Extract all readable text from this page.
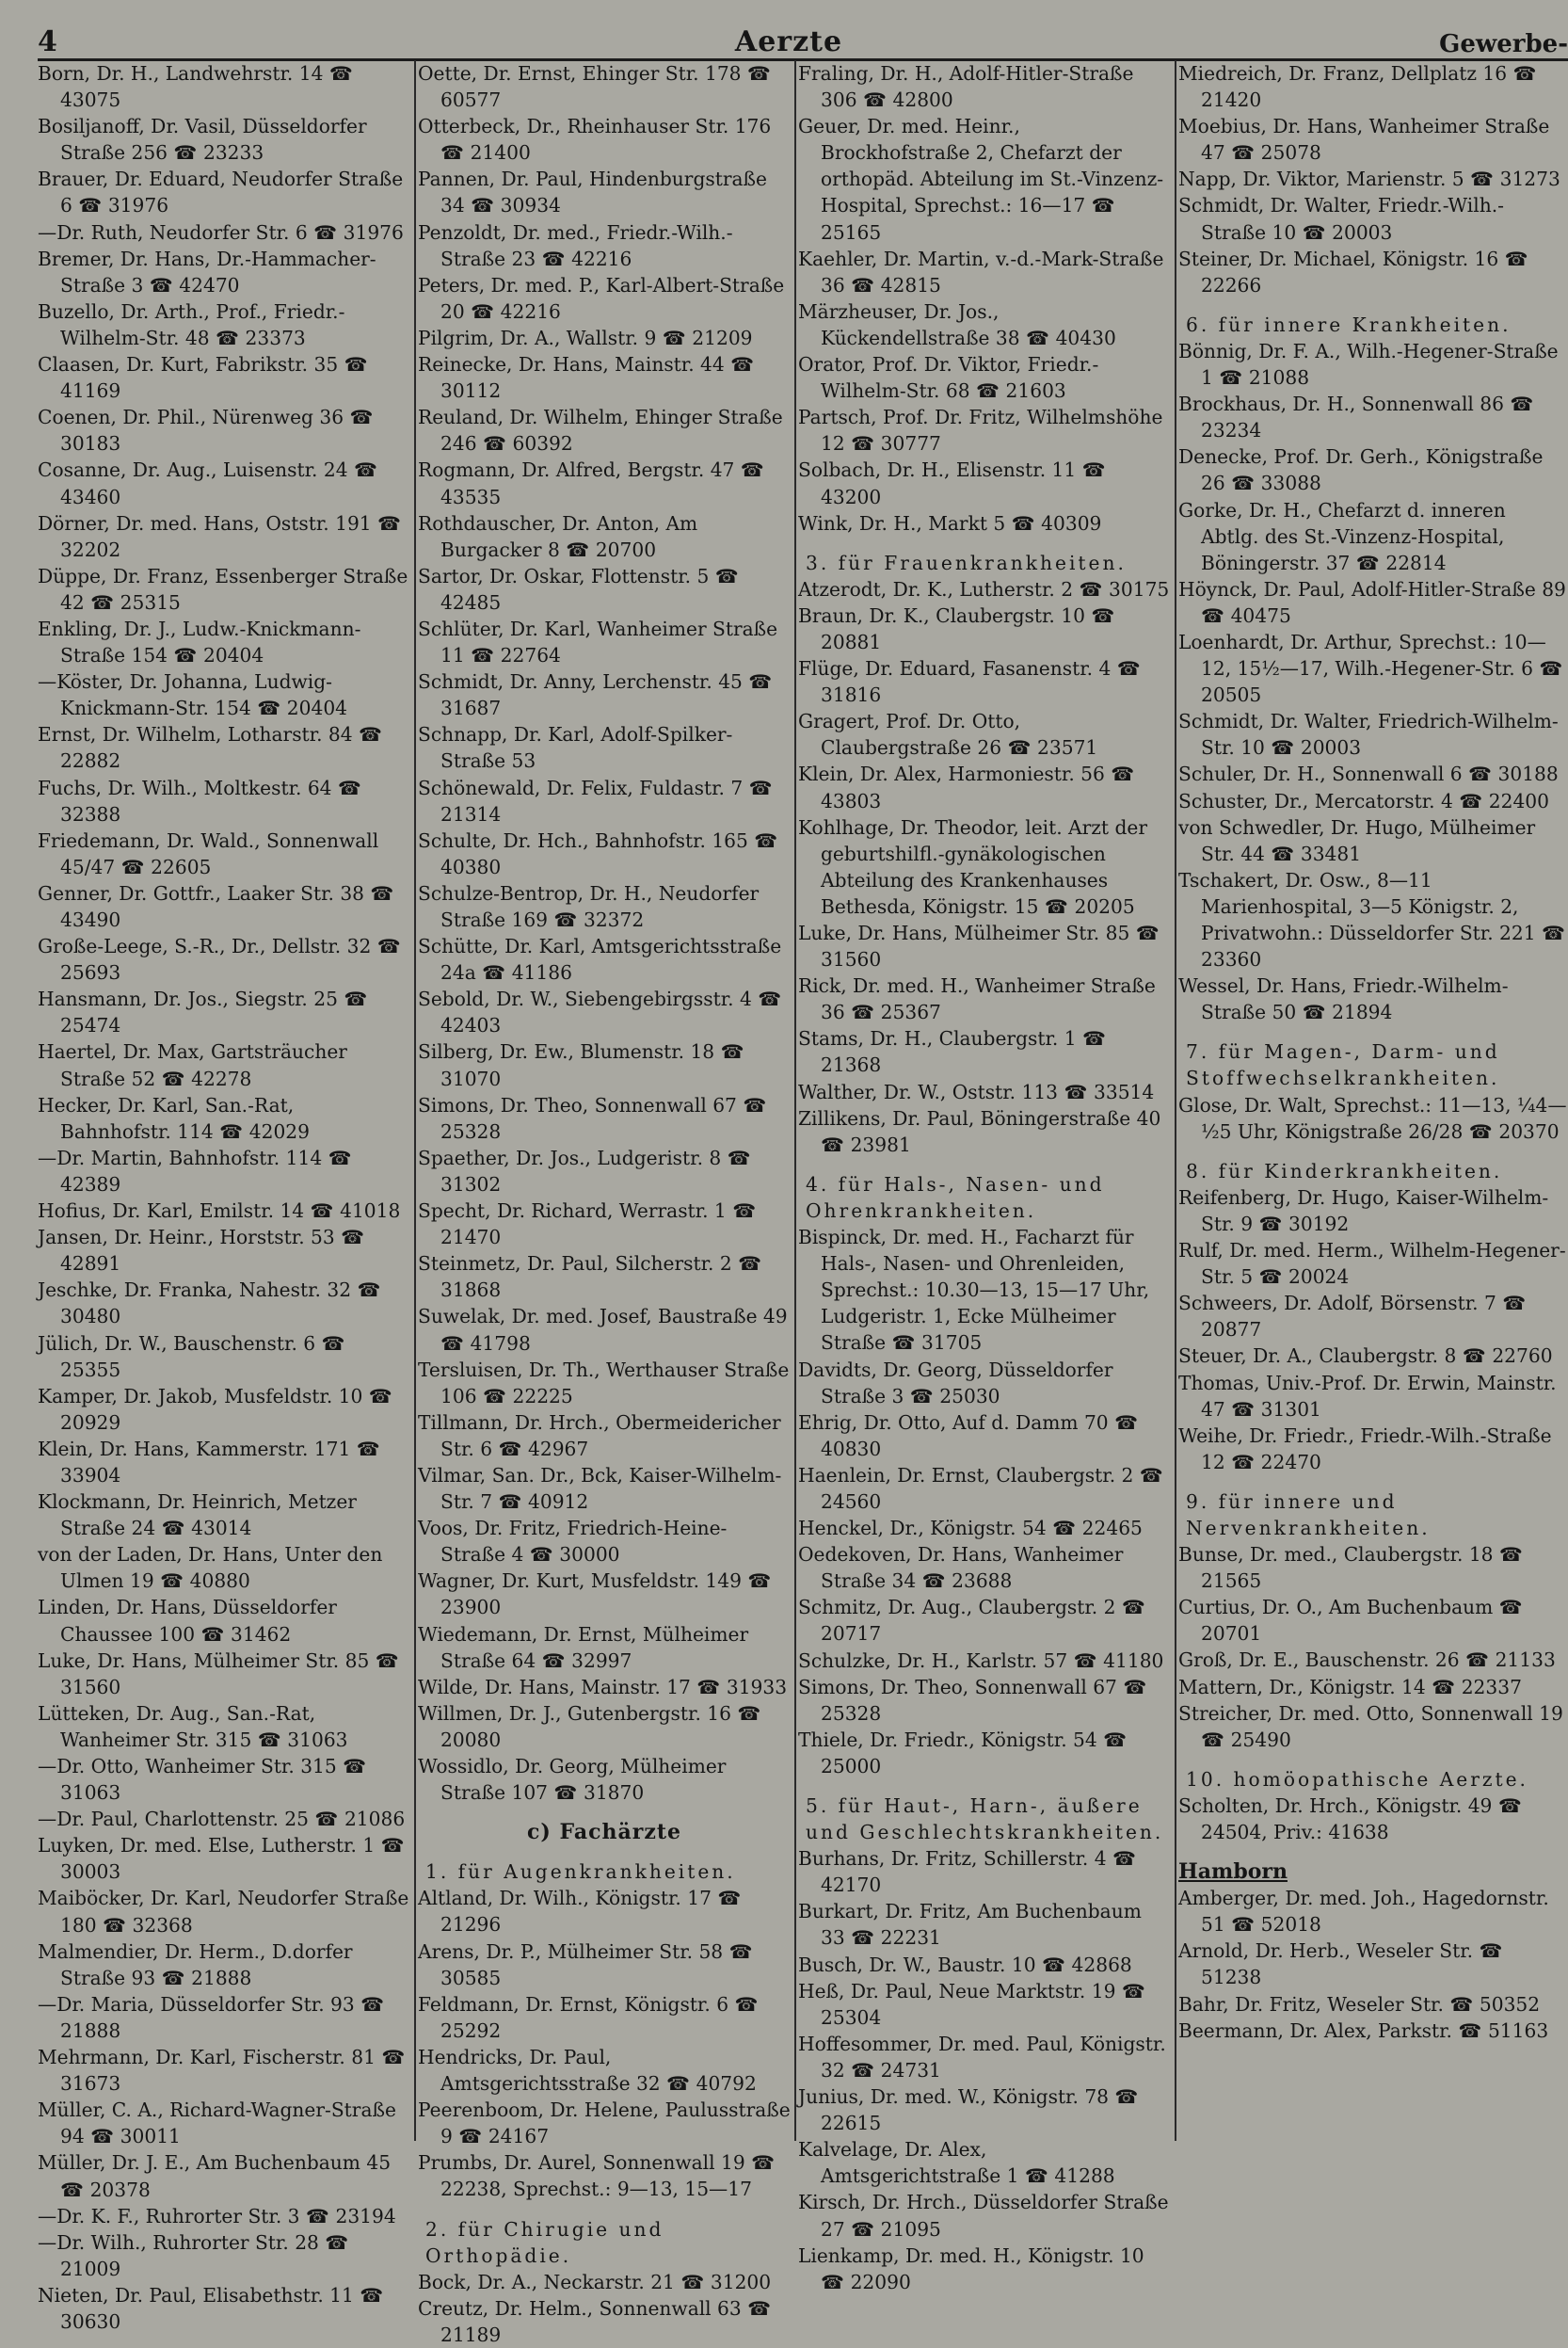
4	Aerzte	Gewerbe-
Born, Dr. H., Landwehrstr. 14 ☎ 43075
Bosiljanoff, Dr. Vasil, Düsseldorfer Straße 256 ☎ 23233
Brauer, Dr. Eduard, Neudorfer Straße 6 ☎ 31976
—Dr. Ruth, Neudorfer Str. 6 ☎ 31976
Bremer, Dr. Hans, Dr.-Hammacher-Straße 3 ☎ 42470
Buzello, Dr. Arth., Prof., Friedr.-Wilhelm-Str. 48 ☎ 23373
Claasen, Dr. Kurt, Fabrikstr. 35 ☎ 41169
Coenen, Dr. Phil., Nürenweg 36 ☎ 30183
Cosanne, Dr. Aug., Luisenstr. 24 ☎ 43460
Dörner, Dr. med. Hans, Oststr. 191 ☎ 32202
Düppe, Dr. Franz, Essenberger Straße 42 ☎ 25315
Enkling, Dr. J., Ludw.-Knickmann-Straße 154 ☎ 20404
—Köster, Dr. Johanna, Ludwig-Knickmann-Str. 154 ☎ 20404
Ernst, Dr. Wilhelm, Lotharstr. 84 ☎ 22882
Fuchs, Dr. Wilh., Moltkestr. 64 ☎ 32388
Friedemann, Dr. Wald., Sonnenwall 45/47 ☎ 22605
Genner, Dr. Gottfr., Laaker Str. 38 ☎ 43490
Große-Leege, S.-R., Dr., Dellstr. 32 ☎ 25693
Hansmann, Dr. Jos., Siegstr. 25 ☎ 25474
Haertel, Dr. Max, Gartsträucher Straße 52 ☎ 42278
Hecker, Dr. Karl, San.-Rat, Bahnhofstr. 114 ☎ 42029
—Dr. Martin, Bahnhofstr. 114 ☎ 42389
Hofius, Dr. Karl, Emilstr. 14 ☎ 41018
Jansen, Dr. Heinr., Horststr. 53 ☎ 42891
Jeschke, Dr. Franka, Nahestr. 32 ☎ 30480
Jülich, Dr. W., Bauschenstr. 6 ☎ 25355
Kamper, Dr. Jakob, Musfeldstr. 10 ☎ 20929
Klein, Dr. Hans, Kammerstr. 171 ☎ 33904
Klockmann, Dr. Heinrich, Metzer Straße 24 ☎ 43014
von der Laden, Dr. Hans, Unter den Ulmen 19 ☎ 40880
Linden, Dr. Hans, Düsseldorfer Chaussee 100 ☎ 31462
Luke, Dr. Hans, Mülheimer Str. 85 ☎ 31560
Lütteken, Dr. Aug., San.-Rat, Wanheimer Str. 315 ☎ 31063
—Dr. Otto, Wanheimer Str. 315 ☎ 31063
—Dr. Paul, Charlottenstr. 25 ☎ 21086
Luyken, Dr. med. Else, Lutherstr. 1 ☎ 30003
Maiböcker, Dr. Karl, Neudorfer Straße 180 ☎ 32368
Malmendier, Dr. Herm., D.dorfer Straße 93 ☎ 21888
—Dr. Maria, Düsseldorfer Str. 93 ☎ 21888
Mehrmann, Dr. Karl, Fischerstr. 81 ☎ 31673
Müller, C. A., Richard-Wagner-Straße 94 ☎ 30011
Müller, Dr. J. E., Am Buchenbaum 45 ☎ 20378
—Dr. K. F., Ruhrorter Str. 3 ☎ 23194
—Dr. Wilh., Ruhrorter Str. 28 ☎ 21009
Nieten, Dr. Paul, Elisabethstr. 11 ☎ 30630
Oette, Dr. Ernst, Ehinger Str. 178 ☎ 60577
Otterbeck, Dr., Rheinhauser Str. 176 ☎ 21400
Pannen, Dr. Paul, Hindenburgstraße 34 ☎ 30934
Penzoldt, Dr. med., Friedr.-Wilh.-Straße 23 ☎ 42216
Peters, Dr. med. P., Karl-Albert-Straße 20 ☎ 42216
Pilgrim, Dr. A., Wallstr. 9 ☎ 21209
Reinecke, Dr. Hans, Mainstr. 44 ☎ 30112
Reuland, Dr. Wilhelm, Ehinger Straße 246 ☎ 60392
Rogmann, Dr. Alfred, Bergstr. 47 ☎ 43535
Rothdauscher, Dr. Anton, Am Burgacker 8 ☎ 20700
Sartor, Dr. Oskar, Flottenstr. 5 ☎ 42485
Schlüter, Dr. Karl, Wanheimer Straße 11 ☎ 22764
Schmidt, Dr. Anny, Lerchenstr. 45 ☎ 31687
Schnapp, Dr. Karl, Adolf-Spilker-Straße 53
Schönewald, Dr. Felix, Fuldastr. 7 ☎ 21314
Schulte, Dr. Hch., Bahnhofstr. 165 ☎ 40380
Schulze-Bentrop, Dr. H., Neudorfer Straße 169 ☎ 32372
Schütte, Dr. Karl, Amtsgerichtsstraße 24a ☎ 41186
Sebold, Dr. W., Siebengebirgsstr. 4 ☎ 42403
Silberg, Dr. Ew., Blumenstr. 18 ☎ 31070
Simons, Dr. Theo, Sonnenwall 67 ☎ 25328
Spaether, Dr. Jos., Ludgeristr. 8 ☎ 31302
Specht, Dr. Richard, Werrastr. 1 ☎ 21470
Steinmetz, Dr. Paul, Silcherstr. 2 ☎ 31868
Suwelak, Dr. med. Josef, Baustraße 49 ☎ 41798
Tersluisen, Dr. Th., Werthauser Straße 106 ☎ 22225
Tillmann, Dr. Hrch., Obermeidericher Str. 6 ☎ 42967
Vilmar, San. Dr., Bck, Kaiser-Wilhelm-Str. 7 ☎ 40912
Voos, Dr. Fritz, Friedrich-Heine-Straße 4 ☎ 30000
Wagner, Dr. Kurt, Musfeldstr. 149 ☎ 23900
Wiedemann, Dr. Ernst, Mülheimer Straße 64 ☎ 32997
Wilde, Dr. Hans, Mainstr. 17 ☎ 31933
Willmen, Dr. J., Gutenbergstr. 16 ☎ 20080
Wossidlo, Dr. Georg, Mülheimer Straße 107 ☎ 31870
c) Fachärzte
1. für Augenkrankheiten.
Altland, Dr. Wilh., Königstr. 17 ☎ 21296
Arens, Dr. P., Mülheimer Str. 58 ☎ 30585
Feldmann, Dr. Ernst, Königstr. 6 ☎ 25292
Hendricks, Dr. Paul, Amtsgerichtsstraße 32 ☎ 40792
Peerenboom, Dr. Helene, Paulusstraße 9 ☎ 24167
Prumbs, Dr. Aurel, Sonnenwall 19 ☎ 22238, Sprechst.: 9—13, 15—17
2. für Chirugie und Orthopädie.
Bock, Dr. A., Neckarstr. 21 ☎ 31200
Creutz, Dr. Helm., Sonnenwall 63 ☎ 21189
Fraling, Dr. H., Adolf-Hitler-Straße 306 ☎ 42800
Geuer, Dr. med. Heinr., Brockhofstraße 2, Chefarzt der orthopäd. Abteilung im St.-Vinzenz-Hospital, Sprechst.: 16—17 ☎ 25165
Kaehler, Dr. Martin, v.-d.-Mark-Straße 36 ☎ 42815
Märzheuser, Dr. Jos., Kückendellstraße 38 ☎ 40430
Orator, Prof. Dr. Viktor, Friedr.-Wilhelm-Str. 68 ☎ 21603
Partsch, Prof. Dr. Fritz, Wilhelmshöhe 12 ☎ 30777
Solbach, Dr. H., Elisenstr. 11 ☎ 43200
Wink, Dr. H., Markt 5 ☎ 40309
3. für Frauenkrankheiten.
Atzerodt, Dr. K., Lutherstr. 2 ☎ 30175
Braun, Dr. K., Claubergstr. 10 ☎ 20881
Flüge, Dr. Eduard, Fasanenstr. 4 ☎ 31816
Gragert, Prof. Dr. Otto, Claubergstraße 26 ☎ 23571
Klein, Dr. Alex, Harmoniestr. 56 ☎ 43803
Kohlhage, Dr. Theodor, leit. Arzt der geburtshilfl.-gynäkologischen Abteilung des Krankenhauses Bethesda, Königstr. 15 ☎ 20205
Luke, Dr. Hans, Mülheimer Str. 85 ☎ 31560
Rick, Dr. med. H., Wanheimer Straße 36 ☎ 25367
Stams, Dr. H., Claubergstr. 1 ☎ 21368
Walther, Dr. W., Oststr. 113 ☎ 33514
Zillikens, Dr. Paul, Böningerstraße 40 ☎ 23981
4. für Hals-, Nasen- und Ohrenkrankheiten.
Bispinck, Dr. med. H., Facharzt für Hals-, Nasen- und Ohrenleiden, Sprechst.: 10.30—13, 15—17 Uhr, Ludgeristr. 1, Ecke Mülheimer Straße ☎ 31705
Davidts, Dr. Georg, Düsseldorfer Straße 3 ☎ 25030
Ehrig, Dr. Otto, Auf d. Damm 70 ☎ 40830
Haenlein, Dr. Ernst, Claubergstr. 2 ☎ 24560
Henckel, Dr., Königstr. 54 ☎ 22465
Oedekoven, Dr. Hans, Wanheimer Straße 34 ☎ 23688
Schmitz, Dr. Aug., Claubergstr. 2 ☎ 20717
Schulzke, Dr. H., Karlstr. 57 ☎ 41180
Simons, Dr. Theo, Sonnenwall 67 ☎ 25328
Thiele, Dr. Friedr., Königstr. 54 ☎ 25000
5. für Haut-, Harn-, äußere und Geschlechtskrankheiten.
Burhans, Dr. Fritz, Schillerstr. 4 ☎ 42170
Burkart, Dr. Fritz, Am Buchenbaum 33 ☎ 22231
Busch, Dr. W., Baustr. 10 ☎ 42868
Heß, Dr. Paul, Neue Marktstr. 19 ☎ 25304
Hoffesommer, Dr. med. Paul, Königstr. 32 ☎ 24731
Junius, Dr. med. W., Königstr. 78 ☎ 22615
Kalvelage, Dr. Alex, Amtsgerichtstraße 1 ☎ 41288
Kirsch, Dr. Hrch., Düsseldorfer Straße 27 ☎ 21095
Lienkamp, Dr. med. H., Königstr. 10 ☎ 22090
Miedreich, Dr. Franz, Dellplatz 16 ☎ 21420
Moebius, Dr. Hans, Wanheimer Straße 47 ☎ 25078
Napp, Dr. Viktor, Marienstr. 5 ☎ 31273
Schmidt, Dr. Walter, Friedr.-Wilh.-Straße 10 ☎ 20003
Steiner, Dr. Michael, Königstr. 16 ☎ 22266
6. für innere Krankheiten.
Bönnig, Dr. F. A., Wilh.-Hegener-Straße 1 ☎ 21088
Brockhaus, Dr. H., Sonnenwall 86 ☎ 23234
Denecke, Prof. Dr. Gerh., Königstraße 26 ☎ 33088
Gorke, Dr. H., Chefarzt d. inneren Abtlg. des St.-Vinzenz-Hospital, Böningerstr. 37 ☎ 22814
Höynck, Dr. Paul, Adolf-Hitler-Straße 89 ☎ 40475
Loenhardt, Dr. Arthur, Sprechst.: 10—12, 15½—17, Wilh.-Hegener-Str. 6 ☎ 20505
Schmidt, Dr. Walter, Friedrich-Wilhelm-Str. 10 ☎ 20003
Schuler, Dr. H., Sonnenwall 6 ☎ 30188
Schuster, Dr., Mercatorstr. 4 ☎ 22400
von Schwedler, Dr. Hugo, Mülheimer Str. 44 ☎ 33481
Tschakert, Dr. Osw., 8—11 Marienhospital, 3—5 Königstr. 2, Privatwohn.: Düsseldorfer Str. 221 ☎ 23360
Wessel, Dr. Hans, Friedr.-Wilhelm-Straße 50 ☎ 21894
7. für Magen-, Darm- und Stoffwechselkrankheiten.
Glose, Dr. Walt, Sprechst.: 11—13, ¼4—½5 Uhr, Königstraße 26/28 ☎ 20370
8. für Kinderkrankheiten.
Reifenberg, Dr. Hugo, Kaiser-Wilhelm-Str. 9 ☎ 30192
Rulf, Dr. med. Herm., Wilhelm-Hegener-Str. 5 ☎ 20024
Schweers, Dr. Adolf, Börsenstr. 7 ☎ 20877
Steuer, Dr. A., Claubergstr. 8 ☎ 22760
Thomas, Univ.-Prof. Dr. Erwin, Mainstr. 47 ☎ 31301
Weihe, Dr. Friedr., Friedr.-Wilh.-Straße 12 ☎ 22470
9. für innere und Nervenkrankheiten.
Bunse, Dr. med., Claubergstr. 18 ☎ 21565
Curtius, Dr. O., Am Buchenbaum ☎ 20701
Groß, Dr. E., Bauschenstr. 26 ☎ 21133
Mattern, Dr., Königstr. 14 ☎ 22337
Streicher, Dr. med. Otto, Sonnenwall 19 ☎ 25490
10. homöopathische Aerzte.
Scholten, Dr. Hrch., Königstr. 49 ☎ 24504, Priv.: 41638
Hamborn
Amberger, Dr. med. Joh., Hagedornstr. 51 ☎ 52018
Arnold, Dr. Herb., Weseler Str. ☎ 51238
Bahr, Dr. Fritz, Weseler Str. ☎ 50352
Beermann, Dr. Alex, Parkstr. ☎ 51163
